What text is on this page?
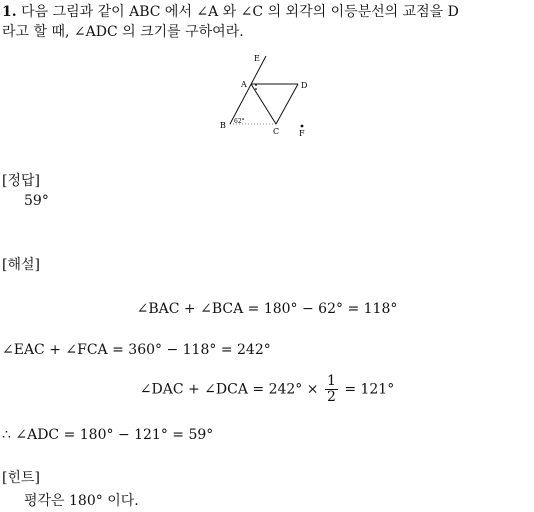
1. 다음 그림과 같이 ABC 에서 ∠A 와 ∠C 의 외각의 이등분선의 교점을 D
라고 할 때, ∠ADC 의 크기를 구하여라.
E
A	D
B
C F
62°
[정답]
59°
[해설]
∠BAC + ∠BCA = 180° − 62° = 118°
∠EAC + ∠FCA = 360° − 118° = 242°
∠DAC + ∠DCA = $242^\circ \times \frac{1}{2} = 121^\circ$
∴ ∠ADC = 180° − 121° = 59°
[힌트]
평각은 180° 이다.
